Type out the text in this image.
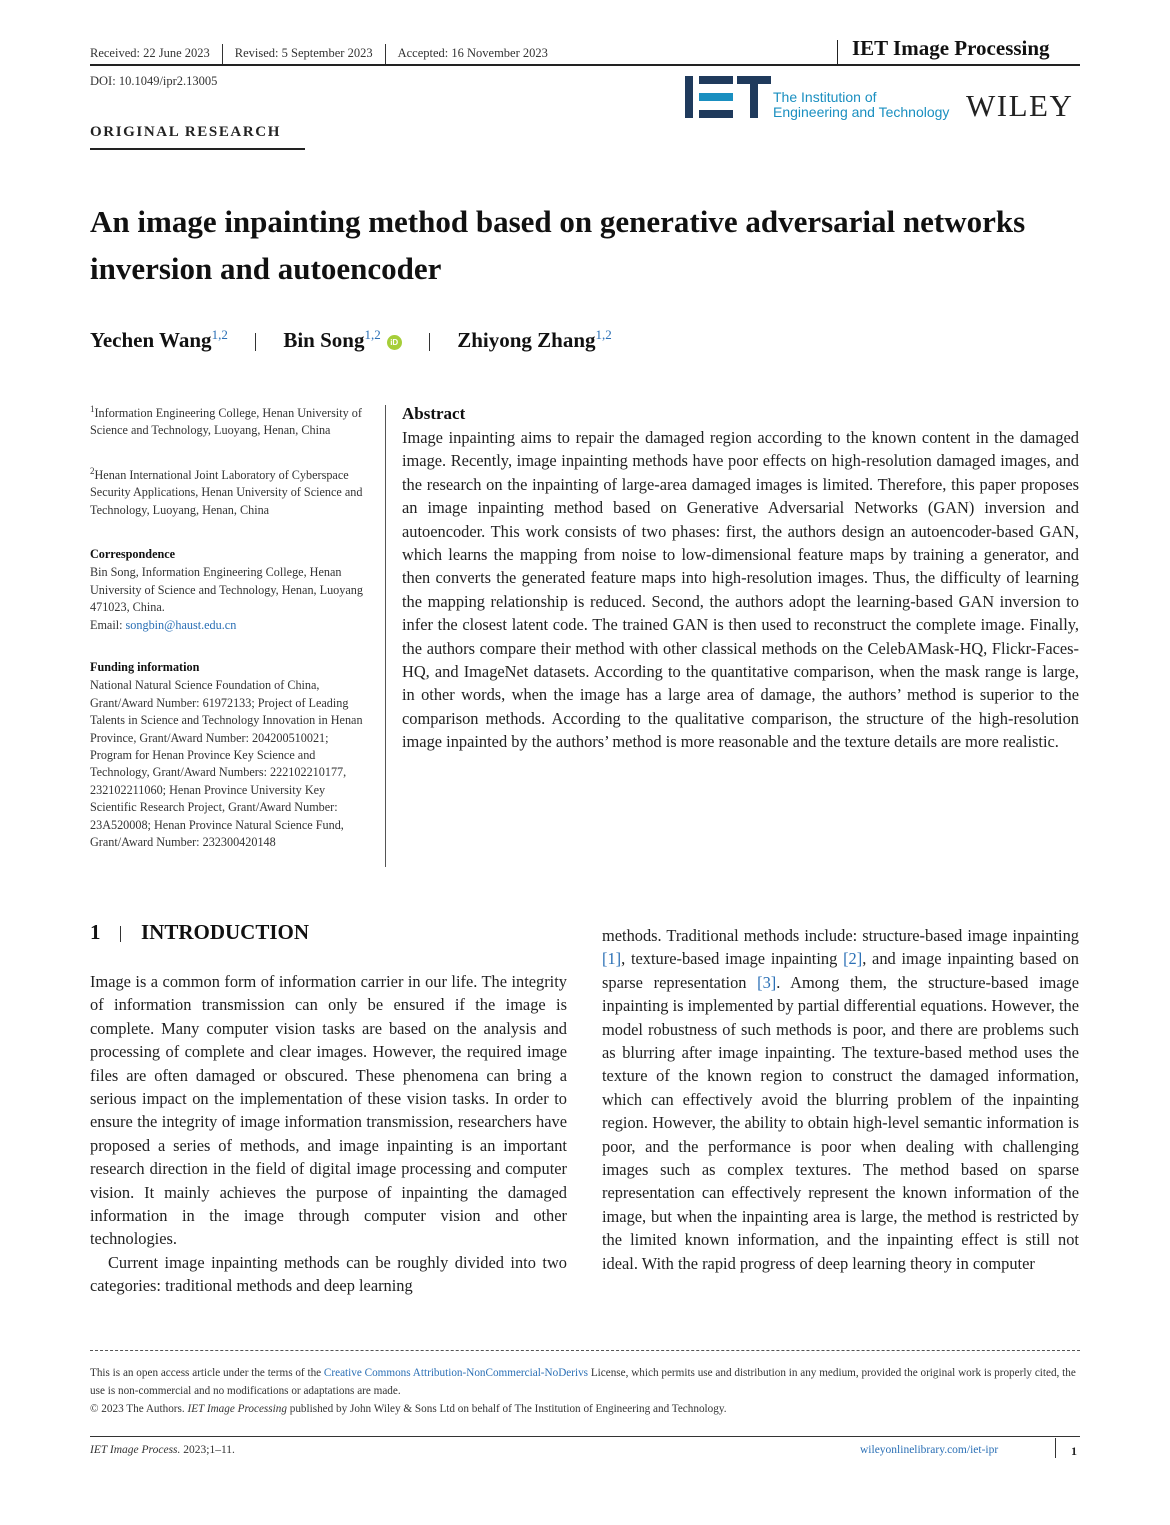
Received: 22 June 2023 Revised: 5 September 2023 Accepted: 16 November 2023	IET Image Processing
DOI: 10.1049/ipr2.13005
The Institution of
Engineering and Technology WILEY
ORIGINAL RESEARCH
An image inpainting method based on generative adversarial networks inversion and autoencoder
Yechen Wang$^{1,2}$	Bin Song$^{1,2}$iD	Zhiyong Zhang$^{1,2}$
$^1$Information Engineering College, Henan University of Science and Technology, Luoyang, Henan, China
$^2$Henan International Joint Laboratory of Cyberspace Security Applications, Henan University of Science and Technology, Luoyang, Henan, China
Correspondence
Bin Song, Information Engineering College, Henan University of Science and Technology, Henan, Luoyang 471023, China.
Email: songbin@haust.edu.cn
Funding information
National Natural Science Foundation of China, Grant/Award Number: 61972133; Project of Leading Talents in Science and Technology Innovation in Henan Province, Grant/Award Number: 204200510021; Program for Henan Province Key Science and Technology, Grant/Award Numbers: 222102210177, 232102211060; Henan Province University Key Scientific Research Project, Grant/Award Number: 23A520008; Henan Province Natural Science Fund, Grant/Award Number: 232300420148
Abstract
Image inpainting aims to repair the damaged region according to the known content in the damaged image. Recently, image inpainting methods have poor effects on high-resolution damaged images, and the research on the inpainting of large-area damaged images is limited. Therefore, this paper proposes an image inpainting method based on Generative Adversarial Networks (GAN) inversion and autoencoder. This work consists of two phases: first, the authors design an autoencoder-based GAN, which learns the mapping from noise to low-dimensional feature maps by training a generator, and then converts the generated feature maps into high-resolution images. Thus, the difficulty of learning the mapping relationship is reduced. Second, the authors adopt the learning-based GAN inversion to infer the closest latent code. The trained GAN is then used to reconstruct the complete image. Finally, the authors compare their method with other classical methods on the CelebAMask-HQ, Flickr-Faces-HQ, and ImageNet datasets. According to the quantitative comparison, when the mask range is large, in other words, when the image has a large area of damage, the authors’ method is superior to the comparison methods. According to the qualitative comparison, the structure of the high-resolution image inpainted by the authors’ method is more reasonable and the texture details are more realistic.
1 INTRODUCTION

Image is a common form of information carrier in our life. The integrity of information transmission can only be ensured if the image is complete. Many computer vision tasks are based on the analysis and processing of complete and clear images. However, the required image files are often damaged or obscured. These phenomena can bring a serious impact on the implementation of these vision tasks. In order to ensure the integrity of image information transmission, researchers have proposed a series of methods, and image inpainting is an important research direction in the field of digital image processing and computer vision. It mainly achieves the purpose of inpainting the damaged information in the image through computer vision and other technologies.

Current image inpainting methods can be roughly divided into two categories: traditional methods and deep learning

methods. Traditional methods include: structure-based image inpainting [1], texture-based image inpainting [2], and image inpainting based on sparse representation [3]. Among them, the structure-based image inpainting is implemented by partial differential equations. However, the model robustness of such methods is poor, and there are problems such as blurring after image inpainting. The texture-based method uses the texture of the known region to construct the damaged information, which can effectively avoid the blurring problem of the inpainting region. However, the ability to obtain high-level semantic information is poor, and the performance is poor when dealing with challenging images such as complex textures. The method based on sparse representation can effectively represent the known information of the image, but when the inpainting area is large, the method is restricted by the limited known information, and the inpainting effect is still not ideal. With the rapid progress of deep learning theory in computer

This is an open access article under the terms of the Creative Commons Attribution-NonCommercial-NoDerivs License, which permits use and distribution in any medium, provided the original work is properly cited, the use is non-commercial and no modifications or adaptations are made.

© 2023 The Authors. IET Image Processing published by John Wiley & Sons Ltd on behalf of The Institution of Engineering and Technology.

IET Image Process. 2023;1–11.	wileyonlinelibrary.com/iet-ipr	1
